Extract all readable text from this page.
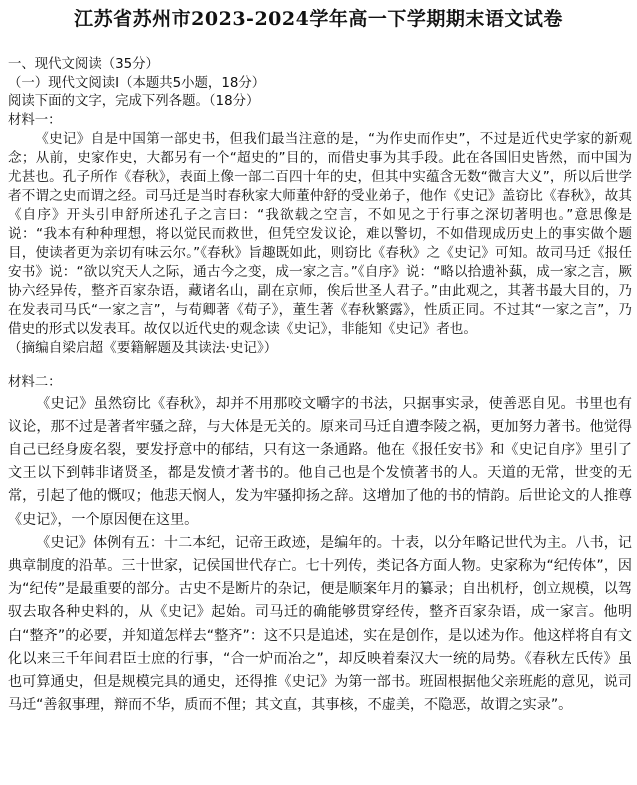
江苏省苏州市2023-2024学年高一下学期期末语文试卷
一、现代文阅读（35分）
（一）现代文阅读Ⅰ（本题共5小题，18分）
阅读下面的文字，完成下列各题。（18分）
材料一：

《史记》自是中国第一部史书，但我们最当注意的是，“为作史而作史”，不过是近代史学家的新观念；从前，史家作史，大都另有一个“超史的”目的，而借史事为其手段。此在各国旧史皆然，而中国为尤甚也。孔子所作《春秋》，表面上像一部二百四十年的史，但其中实蕴含无数“微言大义”，所以后世学者不谓之史而谓之经。司马迁是当时春秋家大师董仲舒的受业弟子，他作《史记》盖窃比《春秋》，故其《自序》开头引申舒所述孔子之言曰：“我欲载之空言，不如见之于行事之深切著明也。”意思像是说：“我本有种种理想，将以觉民而救世，但凭空发议论，难以警切，不如借现成历史上的事实做个题目，使读者更为亲切有味云尔。”《春秋》旨趣既如此，则窃比《春秋》之《史记》可知。故司马迁《报任安书》说：“欲以究天人之际，通古今之变，成一家之言。”《自序》说：“略以拾遗补蓺，成一家之言，厥协六经异传，整齐百家杂语，藏诸名山，副在京师，俟后世圣人君子。”由此观之，其著书最大目的，乃在发表司马氏“一家之言”，与荀卿著《荀子》，董生著《春秋繁露》，性质正同。不过其“一家之言”，乃借史的形式以发表耳。故仅以近代史的观念读《史记》，非能知《史记》者也。

（摘编自梁启超《要籍解题及其读法·史记》）
材料二：

《史记》虽然窃比《春秋》，却并不用那咬文嚼字的书法，只据事实录，使善恶自见。书里也有议论，那不过是著者牢骚之辞，与大体是无关的。原来司马迁自遭李陵之祸，更加努力著书。他觉得自己已经身废名裂，要发抒意中的郁结，只有这一条通路。他在《报任安书》和《史记自序》里引了文王以下到韩非诸贤圣，都是发愤才著书的。他自己也是个发愤著书的人。天道的无常，世变的无常，引起了他的慨叹；他悲天悯人，发为牢骚抑扬之辞。这增加了他的书的情韵。后世论文的人推尊《史记》，一个原因便在这里。

《史记》体例有五：十二本纪，记帝王政迹，是编年的。十表，以分年略记世代为主。八书，记典章制度的沿革。三十世家，记侯国世代存亡。七十列传，类记各方面人物。史家称为“纪传体”，因为“纪传”是最重要的部分。古史不是断片的杂记，便是顺案年月的纂录；自出机杼，创立规模，以驾驭去取各种史料的，从《史记》起始。司马迁的确能够贯穿经传，整齐百家杂语，成一家言。他明白“整齐”的必要，并知道怎样去“整齐”：这不只是追述，实在是创作，是以述为作。他这样将自有文化以来三千年间君臣士庶的行事，“合一炉而冶之”，却反映着秦汉大一统的局势。《春秋左氏传》虽也可算通史，但是规模完具的通史，还得推《史记》为第一部书。班固根据他父亲班彪的意见，说司马迁“善叙事理，辩而不华，质而不俚；其文直，其事核，不虚美，不隐恶，故谓之实录”。
